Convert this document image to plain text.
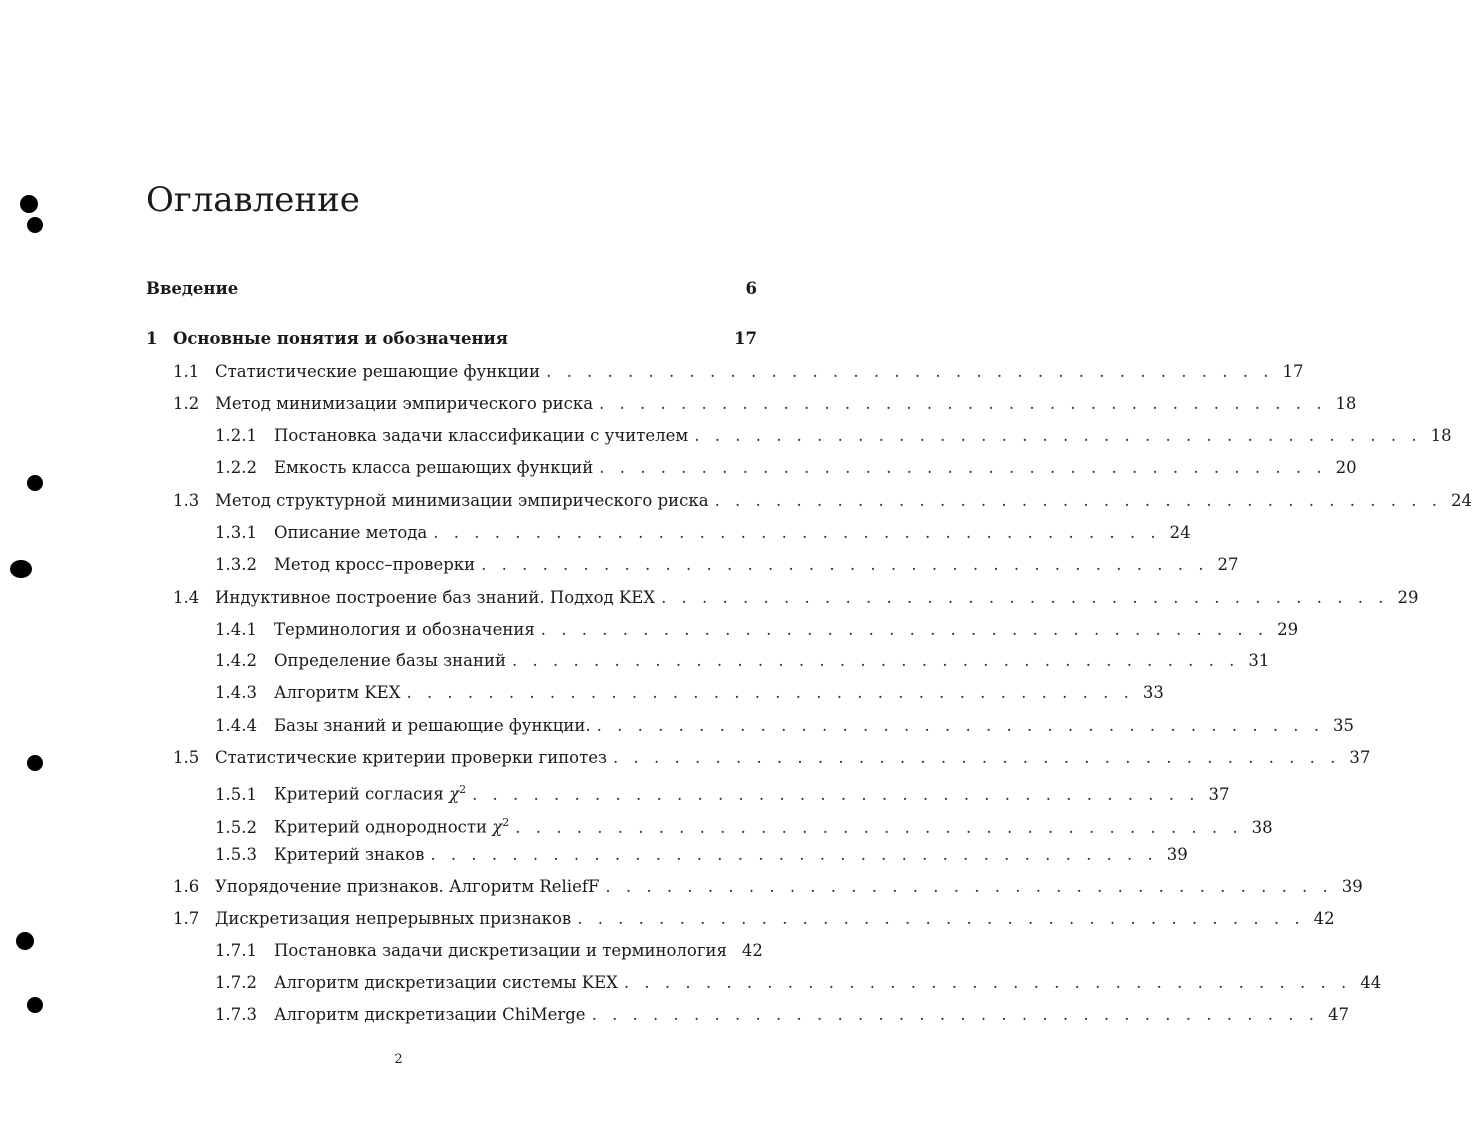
Оглавление
Введение	6
1 Основные понятия и обозначения	17
1.1 Статистические решающие функции . . . . . . . . . . . . . . . . . . . . . . . . . . . . . . . . . . . . 17
1.2 Метод минимизации эмпирического риска . . . . . . . . . . . . . . . . . . . . . . . . . . . . . . . . . . . . 18
1.2.1	Постановка задачи классификации с учителем . . . . . . . . . . . . . . . . . . . . . . . . . . . . . . . . . . . . 18
1.2.2	Емкость класса решающих функций . . . . . . . . . . . . . . . . . . . . . . . . . . . . . . . . . . . . 20
1.3 Метод структурной минимизации эмпирического риска . . . . . . . . . . . . . . . . . . . . . . . . . . . . . . . . . . . . 24
1.3.1	Описание метода . . . . . . . . . . . . . . . . . . . . . . . . . . . . . . . . . . . . 24
1.3.2	Метод кросс–проверки . . . . . . . . . . . . . . . . . . . . . . . . . . . . . . . . . . . . 27
1.4 Индуктивное построение баз знаний. Подход KEX . . . . . . . . . . . . . . . . . . . . . . . . . . . . . . . . . . . . 29
1.4.1	Терминология и обозначения . . . . . . . . . . . . . . . . . . . . . . . . . . . . . . . . . . . . 29
1.4.2	Определение базы знаний . . . . . . . . . . . . . . . . . . . . . . . . . . . . . . . . . . . . 31
1.4.3	Алгоритм KEX . . . . . . . . . . . . . . . . . . . . . . . . . . . . . . . . . . . . 33
1.4.4	Базы знаний и решающие функции. . . . . . . . . . . . . . . . . . . . . . . . . . . . . . . . . . . . . 35
1.5 Статистические критерии проверки гипотез . . . . . . . . . . . . . . . . . . . . . . . . . . . . . . . . . . . . 37
1.5.1	Критерий согласия $\chi^2$ . . . . . . . . . . . . . . . . . . . . . . . . . . . . . . . . . . . . 37
1.5.2	Критерий однородности $\chi^2$ . . . . . . . . . . . . . . . . . . . . . . . . . . . . . . . . . . . . 38
1.5.3	Критерий знаков . . . . . . . . . . . . . . . . . . . . . . . . . . . . . . . . . . . . 39
1.6 Упорядочение признаков. Алгоритм ReliefF . . . . . . . . . . . . . . . . . . . . . . . . . . . . . . . . . . . . 39
1.7 Дискретизация непрерывных признаков . . . . . . . . . . . . . . . . . . . . . . . . . . . . . . . . . . . . 42
1.7.1	Постановка задачи дискретизации и терминология 42
1.7.2	Алгоритм дискретизации системы KEX . . . . . . . . . . . . . . . . . . . . . . . . . . . . . . . . . . . . 44
1.7.3	Алгоритм дискретизации ChiMerge . . . . . . . . . . . . . . . . . . . . . . . . . . . . . . . . . . . . 47
2
